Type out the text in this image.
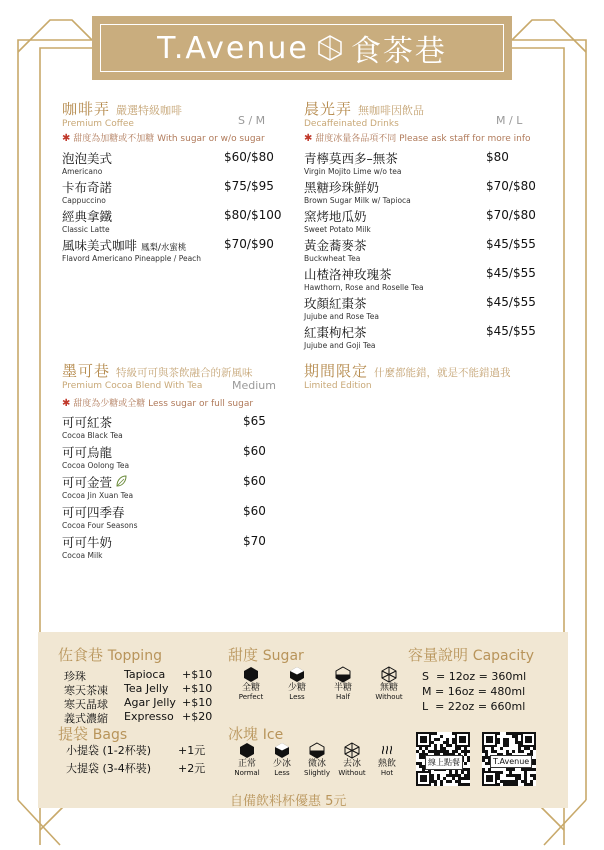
T.Avenue 食茶巷
咖啡弄 嚴選特級咖啡
Premium Coffee	S / M
✱ 甜度為加糖或不加糖 With sugar or w/o sugar
泡泡美式
Americano
$60/$80
卡布奇諾
Cappuccino
$75/$95
經典拿鐵
Classic Latte
$80/$100
風味美式咖啡 鳳梨/水蜜桃
Flavord Americano Pineapple / Peach
$70/$90
晨光弄 無咖啡因飲品
Decaffeinated Drinks	M / L
✱ 甜度冰量各品項不同 Please ask staff for more info
青檸莫西多–無茶
Virgin Mojito Lime w/o tea
$80
黑糖珍珠鮮奶
Brown Sugar Milk w/ Tapioca
$70/$80
窯烤地瓜奶
Sweet Potato Milk
$70/$80
黃金蕎麥茶
Buckwheat Tea
$45/$55
山楂洛神玫瑰茶
Hawthorn, Rose and Roselle Tea
$45/$55
玫顏紅棗茶
Jujube and Rose Tea
$45/$55
紅棗枸杞茶
Jujube and Goji Tea
$45/$55
墨可巷 特級可可與茶飲融合的新風味
Premium Cocoa Blend With Tea	Medium
✱ 甜度為少糖或全糖 Less sugar or full sugar
可可紅茶
Cocoa Black Tea
$65
可可烏龍
Cocoa Oolong Tea
$60
可可金萱
Cocoa Jin Xuan Tea
$60
可可四季春
Cocoa Four Seasons
$60
可可牛奶
Cocoa Milk
$70
期間限定 什麼都能錯，就是不能錯過我
Limited Edition
佐食巷 Topping
珍珠	Tapioca +$10
寒天茶凍 Tea Jelly +$10
寒天晶球 Agar Jelly +$10
義式濃縮 Expresso +$20
提袋 Bags
小提袋 (1-2杯裝) +1元
大提袋 (3-4杯裝) +2元
甜度 Sugar
全糖
Perfect
少糖
Less
半糖
Half
無糖
Without
冰塊 Ice
正常
Normal
少冰
Less
微冰
Slightly
去冰
Without
熱飲
Hot
容量說明 Capacity
S  = 12oz = 360ml
M = 16oz = 480ml
L  = 22oz = 660ml
線上點餐	T.Avenue
自備飲料杯優惠 5元
